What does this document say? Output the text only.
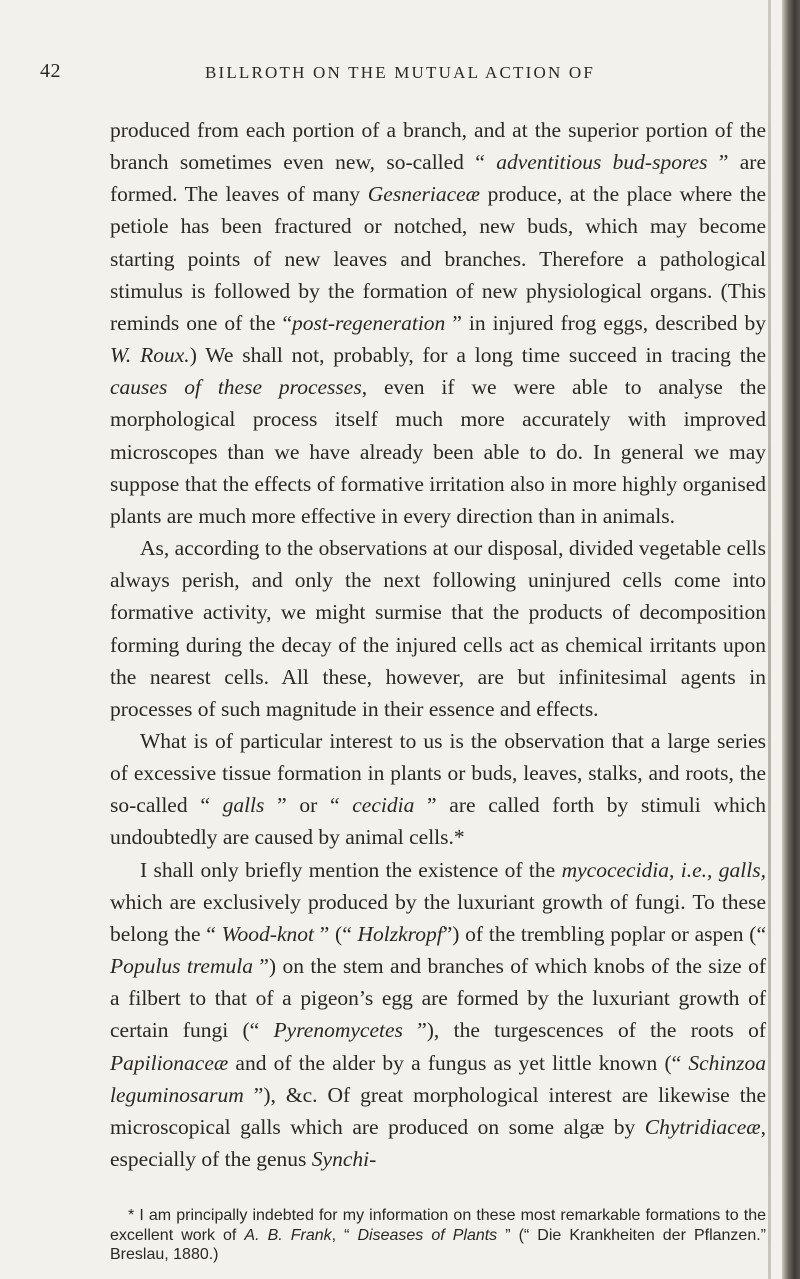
42	BILLROTH ON THE MUTUAL ACTION OF

produced from each portion of a branch, and at the superior portion of the branch sometimes even new, so-called “ adventitious bud-spores ” are formed. The leaves of many Gesneriaceæ produce, at the place where the petiole has been fractured or notched, new buds, which may become starting points of new leaves and branches. Therefore a pathological stimulus is followed by the formation of new physiological organs. (This reminds one of the “post-regeneration ” in injured frog eggs, described by W. Roux.) We shall not, probably, for a long time succeed in tracing the causes of these processes, even if we were able to analyse the morphological process itself much more accurately with improved microscopes than we have already been able to do. In general we may suppose that the effects of formative irritation also in more highly organised plants are much more effective in every direction than in animals.

As, according to the observations at our disposal, divided vegetable cells always perish, and only the next following uninjured cells come into formative activity, we might surmise that the products of decomposition forming during the decay of the injured cells act as chemical irritants upon the nearest cells. All these, however, are but infinitesimal agents in processes of such magnitude in their essence and effects.

What is of particular interest to us is the observation that a large series of excessive tissue formation in plants or buds, leaves, stalks, and roots, the so-called “ galls ” or “ cecidia ” are called forth by stimuli which undoubtedly are caused by animal cells.*

I shall only briefly mention the existence of the mycocecidia, i.e., galls, which are exclusively produced by the luxuriant growth of fungi. To these belong the “ Wood-knot ” (“ Holzkropf”) of the trembling poplar or aspen (“ Populus tremula ”) on the stem and branches of which knobs of the size of a filbert to that of a pigeon’s egg are formed by the luxuriant growth of certain fungi (“ Pyrenomycetes ”), the turgescences of the roots of Papilionaceæ and of the alder by a fungus as yet little known (“ Schinzoa leguminosarum ”), &c. Of great morphological interest are likewise the microscopical galls which are produced on some algæ by Chytridiaceæ, especially of the genus Synchi-

* I am principally indebted for my information on these most remarkable formations to the excellent work of A. B. Frank, “ Diseases of Plants ” (“ Die Krankheiten der Pflanzen.” Breslau, 1880.)
